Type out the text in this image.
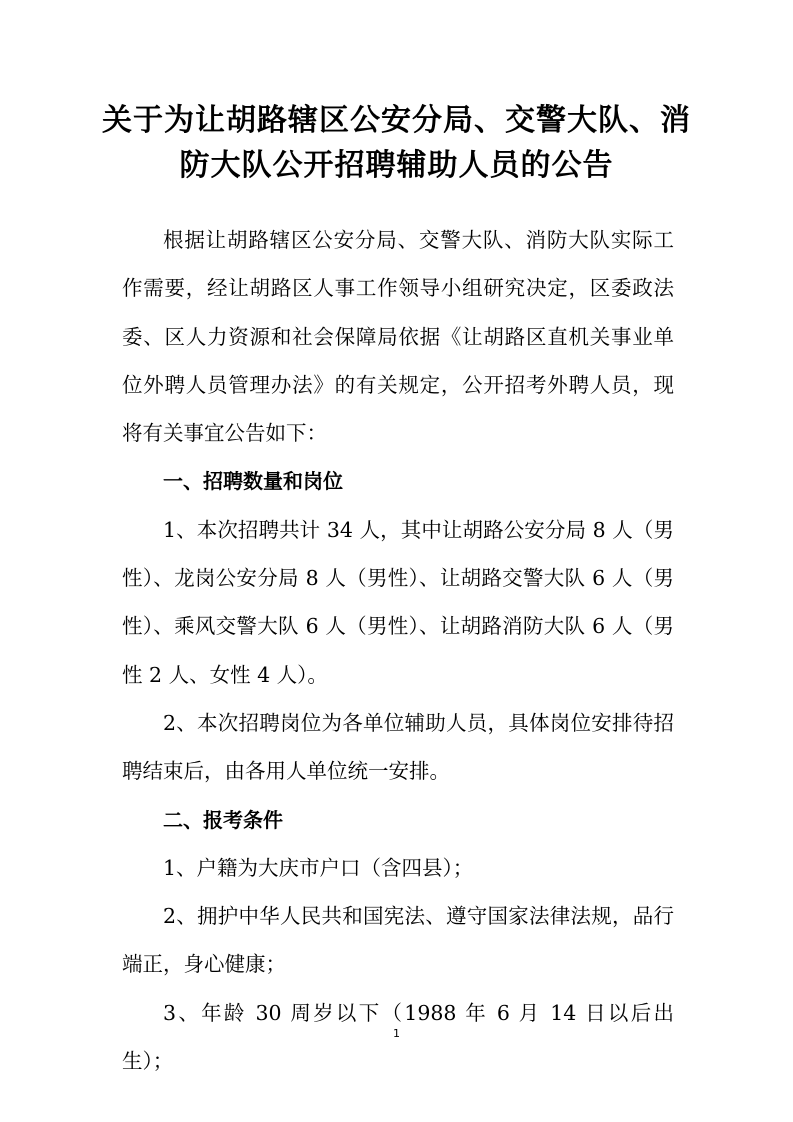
关于为让胡路辖区公安分局、交警大队、消
防大队公开招聘辅助人员的公告

根据让胡路辖区公安分局、交警大队、消防大队实际工作需要，经让胡路区人事工作领导小组研究决定，区委政法委、区人力资源和社会保障局依据《让胡路区直机关事业单位外聘人员管理办法》的有关规定，公开招考外聘人员，现将有关事宜公告如下：

一、招聘数量和岗位

1、本次招聘共计 34 人，其中让胡路公安分局 8 人（男性）、龙岗公安分局 8 人（男性）、让胡路交警大队 6 人（男性）、乘风交警大队 6 人（男性）、让胡路消防大队 6 人（男性 2 人、女性 4 人）。

2、本次招聘岗位为各单位辅助人员，具体岗位安排待招聘结束后，由各用人单位统一安排。

二、报考条件

1、户籍为大庆市户口（含四县）；

2、拥护中华人民共和国宪法、遵守国家法律法规，品行端正，身心健康；

3、年龄 30 周岁以下（1988 年 6 月 14 日以后出生）；

1
